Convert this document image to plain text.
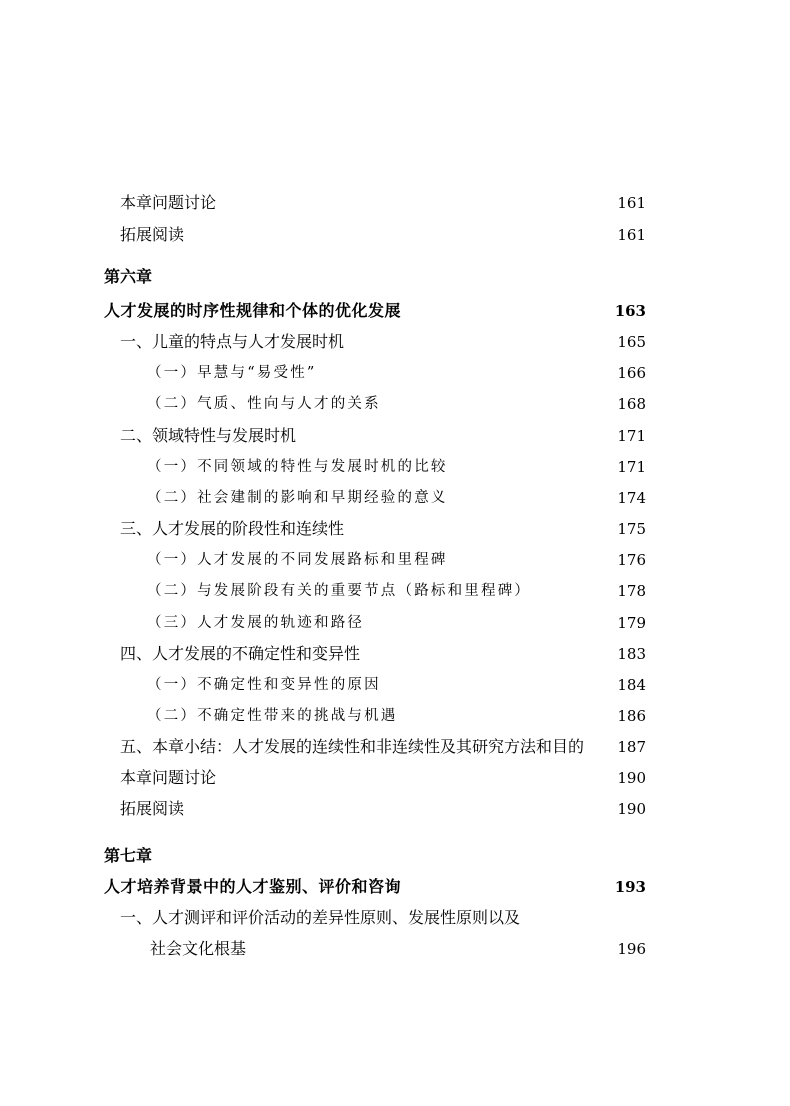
本章问题讨论	161
拓展阅读	161
第六章
人才发展的时序性规律和个体的优化发展	163
一、儿童的特点与人才发展时机	165
（一）早慧与“易受性”	166
（二）气质、性向与人才的关系	168
二、领域特性与发展时机	171
（一）不同领域的特性与发展时机的比较	171
（二）社会建制的影响和早期经验的意义	174
三、人才发展的阶段性和连续性	175
（一）人才发展的不同发展路标和里程碑	176
（二）与发展阶段有关的重要节点（路标和里程碑）	178
（三）人才发展的轨迹和路径	179
四、人才发展的不确定性和变异性	183
（一）不确定性和变异性的原因	184
（二）不确定性带来的挑战与机遇	186
五、本章小结：人才发展的连续性和非连续性及其研究方法和目的	187
本章问题讨论	190
拓展阅读	190
第七章
人才培养背景中的人才鉴别、评价和咨询	193
一、人才测评和评价活动的差异性原则、发展性原则以及
社会文化根基	196
